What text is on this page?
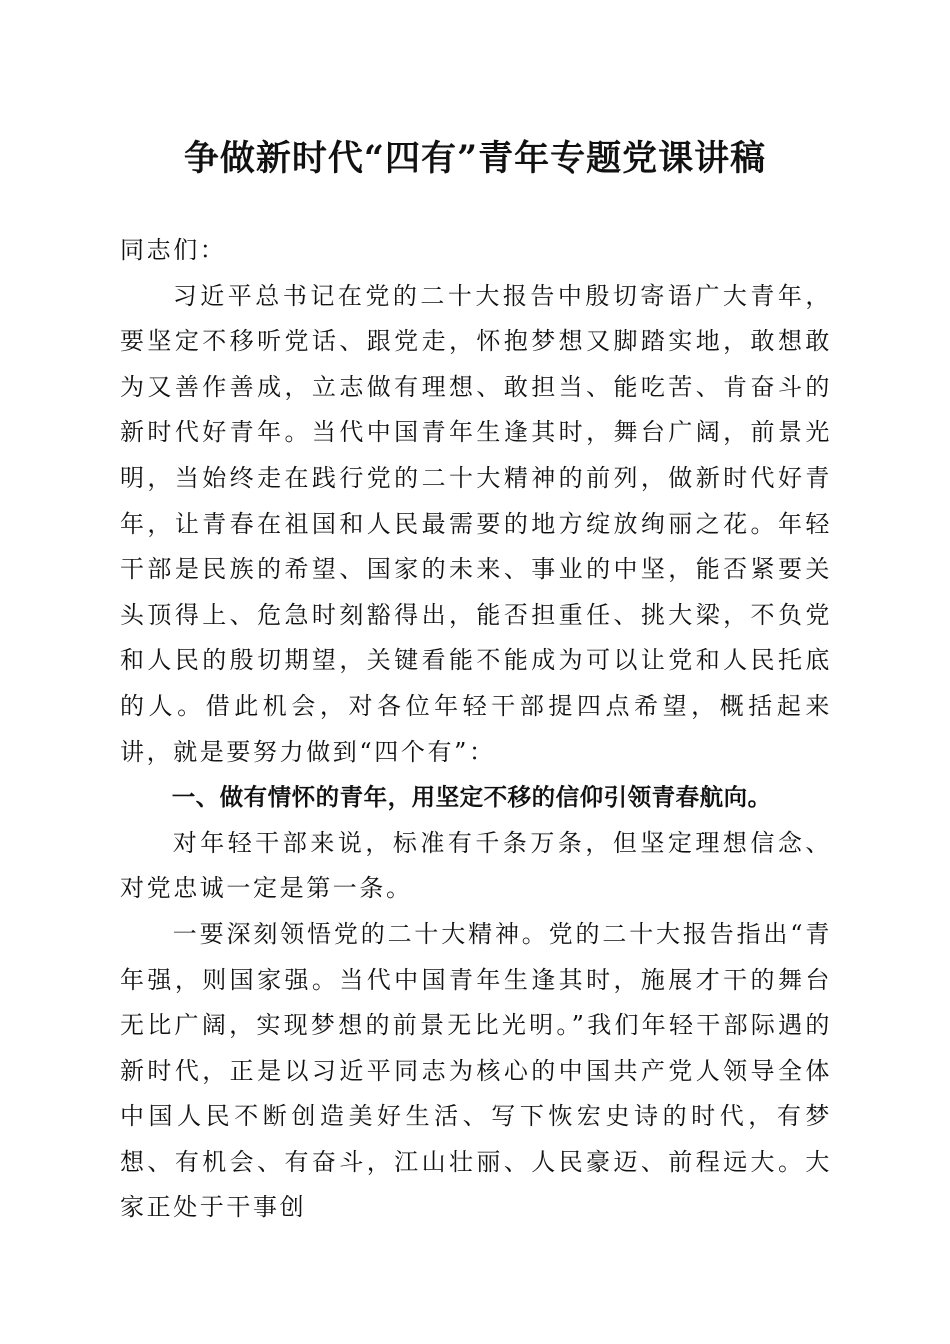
争做新时代“四有”青年专题党课讲稿

同志们：

习近平总书记在党的二十大报告中殷切寄语广大青年，要坚定不移听党话、跟党走，怀抱梦想又脚踏实地，敢想敢为又善作善成，立志做有理想、敢担当、能吃苦、肯奋斗的新时代好青年。当代中国青年生逢其时，舞台广阔，前景光明，当始终走在践行党的二十大精神的前列，做新时代好青年，让青春在祖国和人民最需要的地方绽放绚丽之花。年轻干部是民族的希望、国家的未来、事业的中坚，能否紧要关头顶得上、危急时刻豁得出，能否担重任、挑大梁，不负党和人民的殷切期望，关键看能不能成为可以让党和人民托底的人。借此机会，对各位年轻干部提四点希望，概括起来讲，就是要努力做到“四个有”：

一、做有情怀的青年，用坚定不移的信仰引领青春航向。

对年轻干部来说，标准有千条万条，但坚定理想信念、对党忠诚一定是第一条。

一要深刻领悟党的二十大精神。党的二十大报告指出“青年强，则国家强。当代中国青年生逢其时，施展才干的舞台无比广阔，实现梦想的前景无比光明。”我们年轻干部际遇的新时代，正是以习近平同志为核心的中国共产党人领导全体中国人民不断创造美好生活、写下恢宏史诗的时代，有梦想、有机会、有奋斗，江山壮丽、人民豪迈、前程远大。大家正处于干事创
